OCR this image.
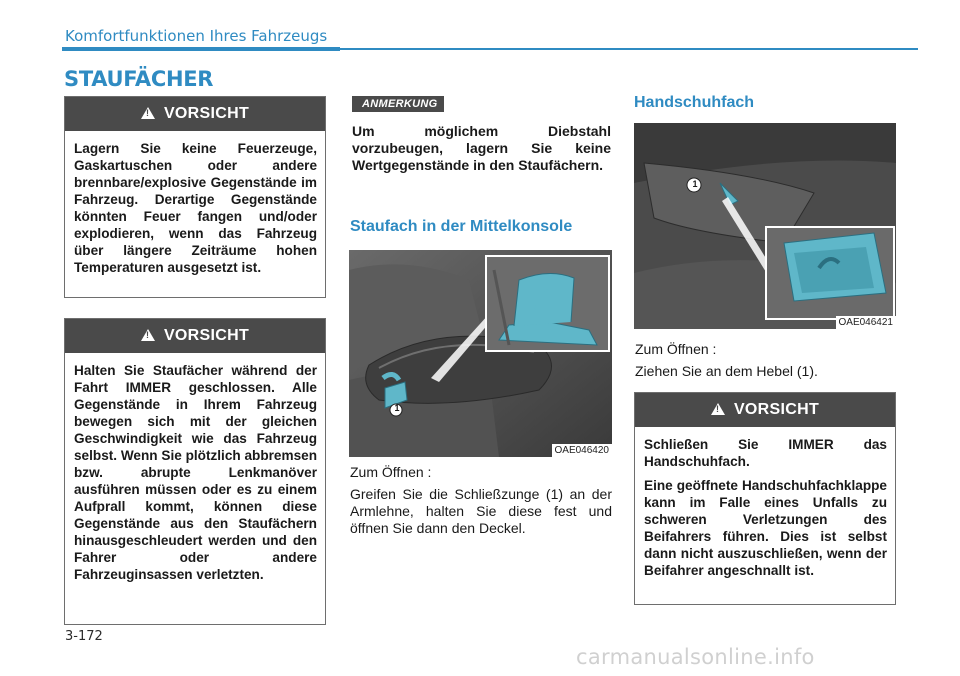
Komfortfunktionen Ihres Fahrzeugs
STAUFÄCHER
!
VORSICHT

Lagern Sie keine Feuerzeuge, Gaskartuschen oder andere brennbare/explosive Gegenstände im Fahrzeug. Derartige Gegenstände könnten Feuer fangen und/oder explodieren, wenn das Fahrzeug über längere Zeiträume hohen Temperaturen ausgesetzt ist.

!
VORSICHT

Halten Sie Staufächer während der Fahrt IMMER geschlossen. Alle Gegenstände in Ihrem Fahrzeug bewegen sich mit der gleichen Geschwindigkeit wie das Fahrzeug selbst. Wenn Sie plötzlich abbremsen bzw. abrupte Lenkmanöver ausführen müssen oder es zu einem Aufprall kommt, können diese Gegenstände aus den Staufächern hinausgeschleudert werden und den Fahrer oder andere Fahrzeuginsassen verletzten.

ANMERKUNG
Um möglichem Diebstahl vorzubeugen, lagern Sie keine Wertgegenstände in den Staufächern.
Staufach in der Mittelkonsole
1
OAE046420
Zum Öffnen :
Greifen Sie die Schließzunge (1) an der Armlehne, halten Sie diese fest und öffnen Sie dann den Deckel.
Handschuhfach
1
OAE046421
Zum Öffnen :
Ziehen Sie an dem Hebel (1).
!
VORSICHT

Schließen Sie IMMER das Handschuhfach.

Eine geöffnete Handschuhfachklappe kann im Falle eines Unfalls zu schweren Verletzungen des Beifahrers führen. Dies ist selbst dann nicht auszuschließen, wenn der Beifahrer angeschnallt ist.

3-172
carmanualsonline.info
